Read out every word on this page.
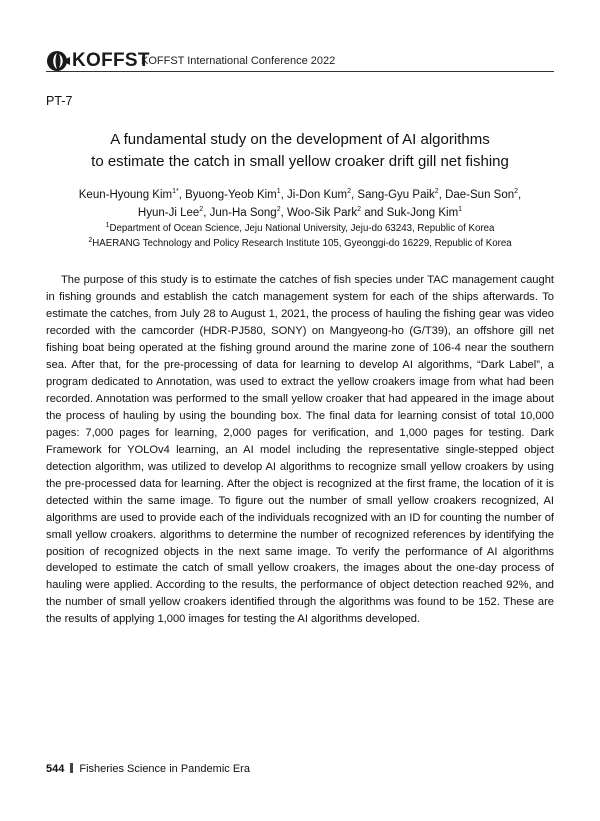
KOFFST
KOFFST International Conference 2022
PT-7
A fundamental study on the development of AI algorithms
to estimate the catch in small yellow croaker drift gill net fishing
Keun-Hyoung Kim$^{1*}$, Byuong-Yeob Kim$^1$, Ji-Don Kum$^2$, Sang-Gyu Paik$^2$, Dae-Sun Son$^2$,
Hyun-Ji Lee$^2$, Jun-Ha Song$^2$, Woo-Sik Park$^2$ and Suk-Jong Kim$^1$
$^1$Department of Ocean Science, Jeju National University, Jeju-do 63243, Republic of Korea
$^2$HAERANG Technology and Policy Research Institute 105, Gyeonggi-do 16229, Republic of Korea

The purpose of this study is to estimate the catches of fish species under TAC management caught in fishing grounds and establish the catch management system for each of the ships afterwards. To estimate the catches, from July 28 to August 1, 2021, the process of hauling the fishing gear was video recorded with the camcorder (HDR-PJ580, SONY) on Mangyeong-ho (G/T39), an offshore gill net fishing boat being operated at the fishing ground around the marine zone of 106-4 near the southern sea. After that, for the pre-processing of data for learning to develop AI algorithms, “Dark Label”, a program dedicated to Annotation, was used to extract the yellow croakers image from what had been recorded. Annotation was performed to the small yellow croaker that had appeared in the image about the process of hauling by using the bounding box. The final data for learning consist of total 10,000 pages: 7,000 pages for learning, 2,000 pages for verification, and 1,000 pages for testing. Dark Framework for YOLOv4 learning, an AI model including the representative single-stepped object detection algorithm, was utilized to develop AI algorithms to recognize small yellow croakers by using the pre-processed data for learning. After the object is recognized at the first frame, the location of it is detected within the same image. To figure out the number of small yellow croakers recognized, AI algorithms are used to provide each of the individuals recognized with an ID for counting the number of small yellow croakers. algorithms to determine the number of recognized references by identifying the position of recognized objects in the next same image. To verify the performance of AI algorithms developed to estimate the catch of small yellow croakers, the images about the one-day process of hauling were applied. According to the results, the performance of object detection reached 92%, and the number of small yellow croakers identified through the algorithms was found to be 152. These are the results of applying 1,000 images for testing the AI algorithms developed.

544 Fisheries Science in Pandemic Era
